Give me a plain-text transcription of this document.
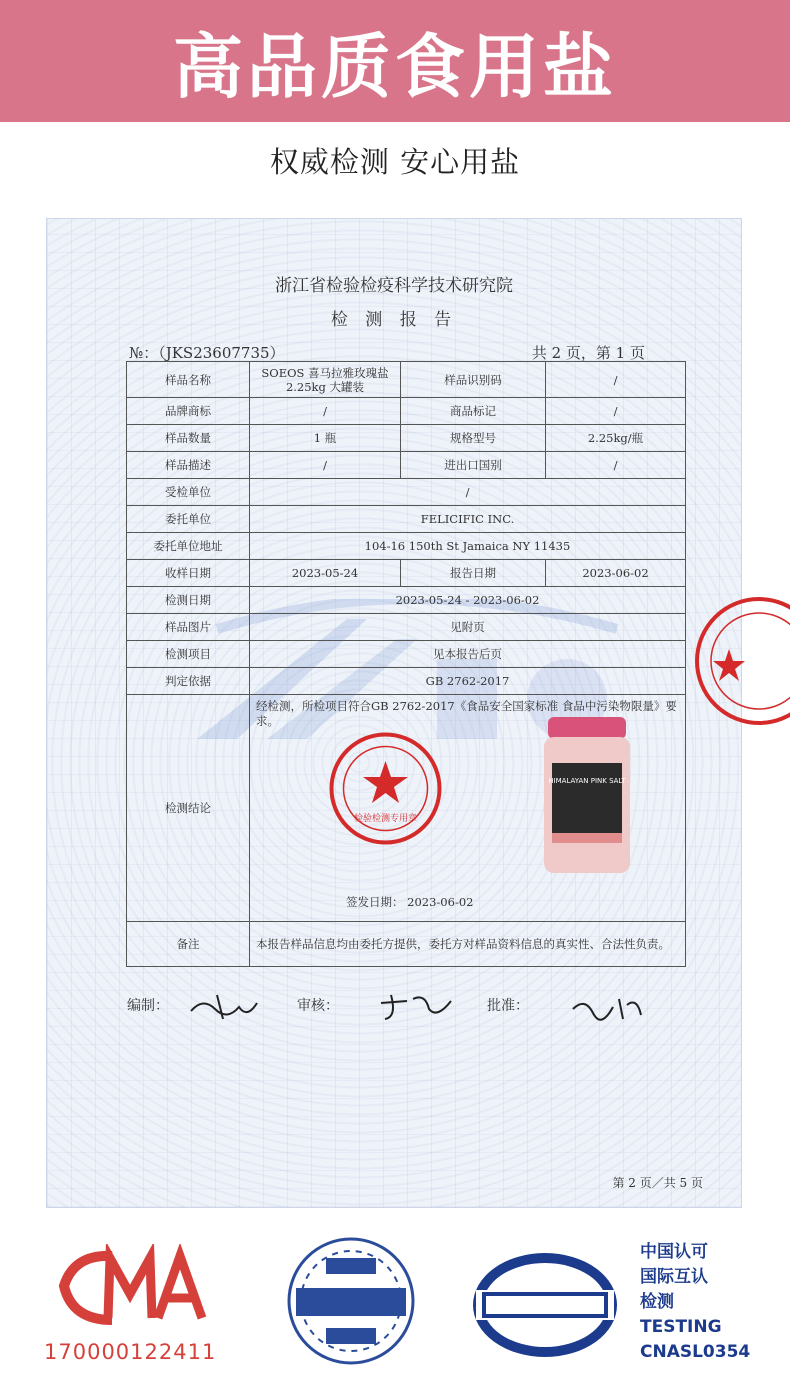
高品质食用盐
权威检测 安心用盐
浙江省检验检疫科学技术研究院
检 测 报 告
№：（JKS23607735）	共 2 页，第 1 页
样品名称	SOEOS 喜马拉雅玫瑰盐 2.25kg 大罐装	样品识别码	/
品牌商标	/	商品标记	/
样品数量	1 瓶	规格型号	2.25kg/瓶
样品描述	/	进出口国别	/
受检单位	/		
委托单位	FELICIFIC INC.		
委托单位地址	104-16 150th St Jamaica NY 11435		
收样日期	2023-05-24	报告日期	2023-06-02
检测日期	2023-05-24 - 2023-06-02		
样品图片	见附页		
检测项目	见本报告后页		
判定依据	GB 2762-2017		
检测结论	经检测，所检项目符合GB 2762-2017《食品安全国家标准 食品中污染物限量》要求。
检验检测专用章
HIMALAYAN PINK SALT
签发日期： 2023-06-02		

备注	本报告样品信息均由委托方提供，委托方对样品资料信息的真实性、合法性负责。		
编制：	审核：	批准：
第 2 页／共 5 页
170000122411
中国认可
国际互认
检测
TESTING
CNASL0354
